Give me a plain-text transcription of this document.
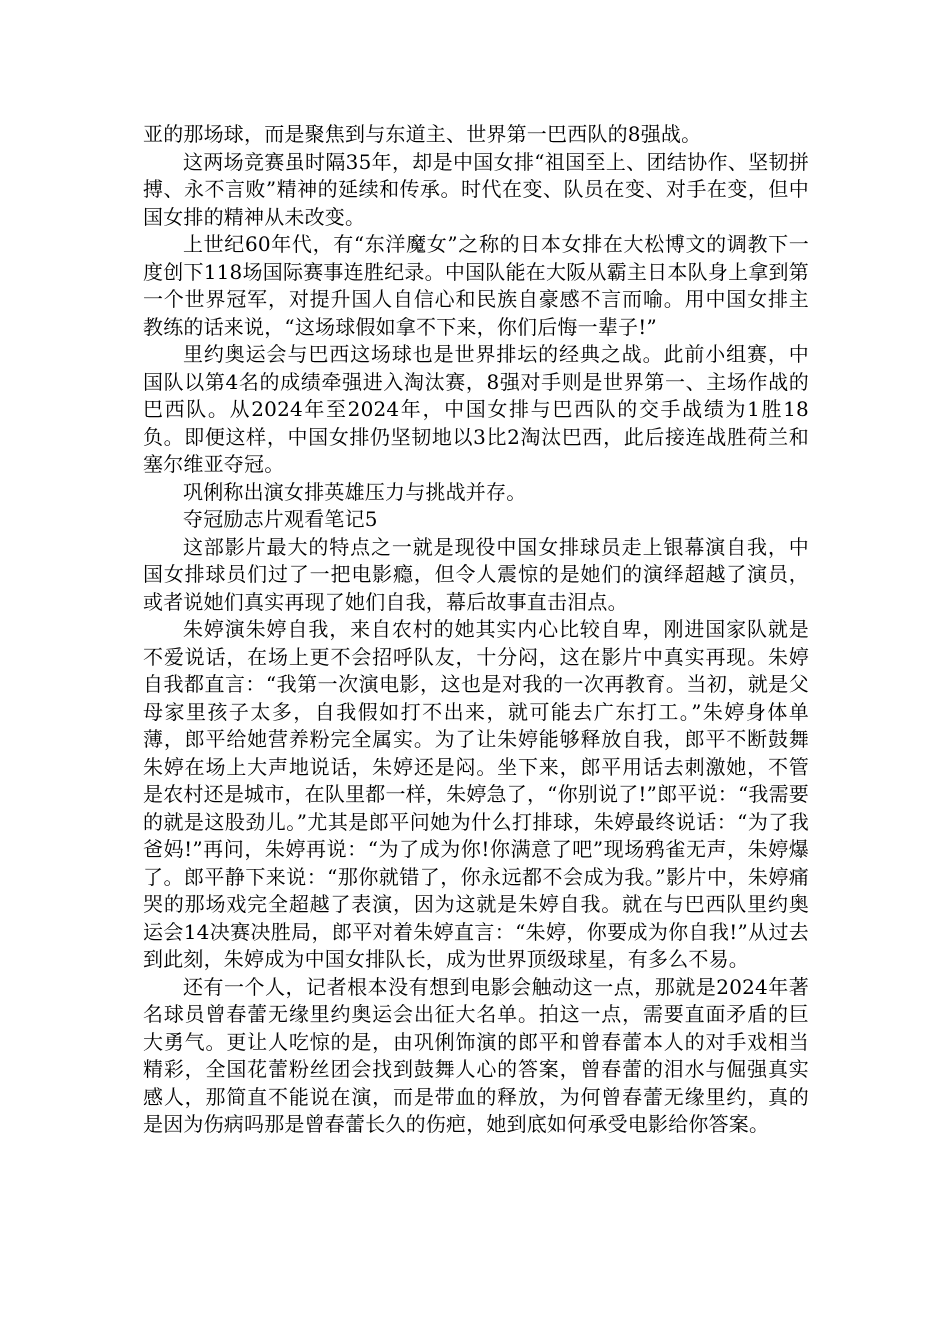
亚的那场球，而是聚焦到与东道主、世界第一巴西队的8强战。

这两场竞赛虽时隔35年，却是中国女排“祖国至上、团结协作、坚韧拼搏、永不言败”精神的延续和传承。时代在变、队员在变、对手在变，但中国女排的精神从未改变。

上世纪60年代，有“东洋魔女”之称的日本女排在大松博文的调教下一度创下118场国际赛事连胜纪录。中国队能在大阪从霸主日本队身上拿到第一个世界冠军，对提升国人自信心和民族自豪感不言而喻。用中国女排主教练的话来说，“这场球假如拿不下来，你们后悔一辈子!”

里约奥运会与巴西这场球也是世界排坛的经典之战。此前小组赛，中国队以第4名的成绩牵强进入淘汰赛，8强对手则是世界第一、主场作战的巴西队。从2024年至2024年，中国女排与巴西队的交手战绩为1胜18负。即便这样，中国女排仍坚韧地以3比2淘汰巴西，此后接连战胜荷兰和塞尔维亚夺冠。

巩俐称出演女排英雄压力与挑战并存。

夺冠励志片观看笔记5

这部影片最大的特点之一就是现役中国女排球员走上银幕演自我，中国女排球员们过了一把电影瘾，但令人震惊的是她们的演绎超越了演员，或者说她们真实再现了她们自我，幕后故事直击泪点。

朱婷演朱婷自我，来自农村的她其实内心比较自卑，刚进国家队就是不爱说话，在场上更不会招呼队友，十分闷，这在影片中真实再现。朱婷自我都直言：“我第一次演电影，这也是对我的一次再教育。当初，就是父母家里孩子太多，自我假如打不出来，就可能去广东打工。”朱婷身体单薄，郎平给她营养粉完全属实。为了让朱婷能够释放自我，郎平不断鼓舞朱婷在场上大声地说话，朱婷还是闷。坐下来，郎平用话去刺激她，不管是农村还是城市，在队里都一样，朱婷急了，“你别说了!”郎平说：“我需要的就是这股劲儿。”尤其是郎平问她为什么打排球，朱婷最终说话：“为了我爸妈!”再问，朱婷再说：“为了成为你!你满意了吧”现场鸦雀无声，朱婷爆了。郎平静下来说：“那你就错了，你永远都不会成为我。”影片中，朱婷痛哭的那场戏完全超越了表演，因为这就是朱婷自我。就在与巴西队里约奥运会14决赛决胜局，郎平对着朱婷直言：“朱婷，你要成为你自我!”从过去到此刻，朱婷成为中国女排队长，成为世界顶级球星，有多么不易。

还有一个人，记者根本没有想到电影会触动这一点，那就是2024年著名球员曾春蕾无缘里约奥运会出征大名单。拍这一点，需要直面矛盾的巨大勇气。更让人吃惊的是，由巩俐饰演的郎平和曾春蕾本人的对手戏相当精彩，全国花蕾粉丝团会找到鼓舞人心的答案，曾春蕾的泪水与倔强真实感人，那简直不能说在演，而是带血的释放，为何曾春蕾无缘里约，真的是因为伤病吗那是曾春蕾长久的伤疤，她到底如何承受电影给你答案。
